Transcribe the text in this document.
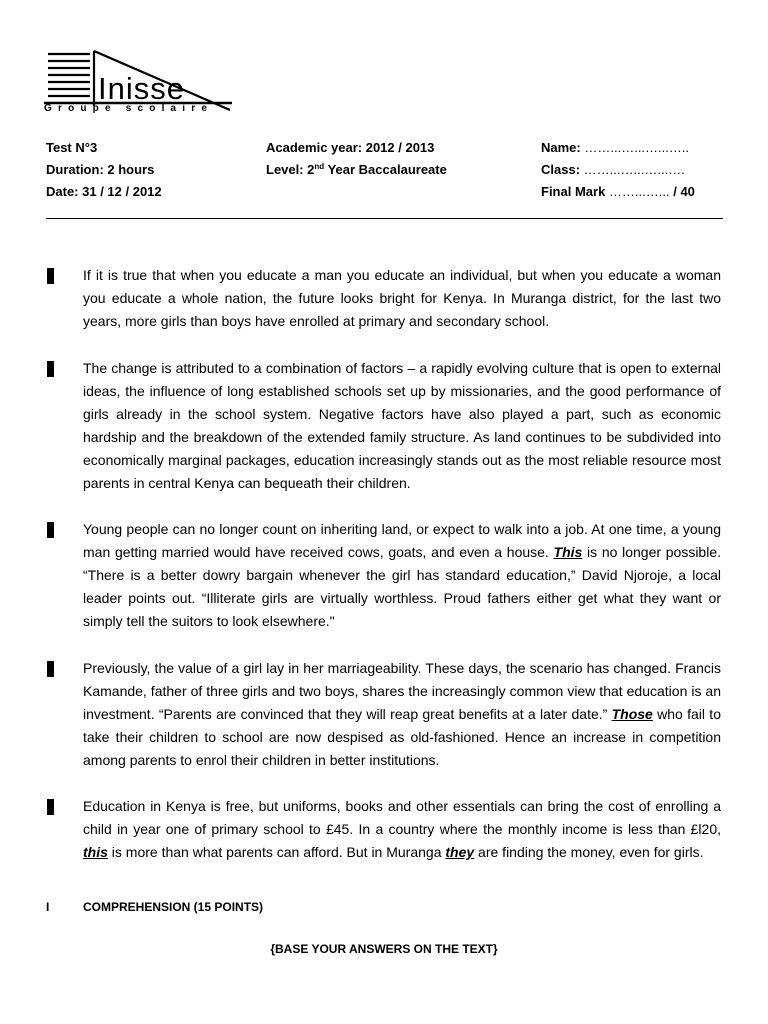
Inisse
Groupe scolaire
Test N°3
Duration: 2 hours
Date: 31 / 12 / 2012
Academic year: 2012 / 2013
Level: 2nd Year Baccalaureate
Name: ……...…...…...…..
Class: ……...…...…...….
Final Mark ……...…... / 40
If it is true that when you educate a man you educate an individual, but when you educate a woman you educate a whole nation, the future looks bright for Kenya. In Muranga district, for the last two years, more girls than boys have enrolled at primary and secondary school.
The change is attributed to a combination of factors – a rapidly evolving culture that is open to external ideas, the influence of long established schools set up by missionaries, and the good performance of girls already in the school system. Negative factors have also played a part, such as economic hardship and the breakdown of the extended family structure. As land continues to be subdivided into economically marginal packages, education increasingly stands out as the most reliable resource most parents in central Kenya can bequeath their children.
Young people can no longer count on inheriting land, or expect to walk into a job. At one time, a young man getting married would have received cows, goats, and even a house. This is no longer possible. “There is a better dowry bargain whenever the girl has standard education,” David Njoroje, a local leader points out. “Illiterate girls are virtually worthless. Proud fathers either get what they want or simply tell the suitors to look elsewhere."
Previously, the value of a girl lay in her marriageability. These days, the scenario has changed. Francis Kamande, father of three girls and two boys, shares the increasingly common view that education is an investment. “Parents are convinced that they will reap great benefits at a later date.” Those who fail to take their children to school are now despised as old-fashioned. Hence an increase in competition among parents to enrol their children in better institutions.
Education in Kenya is free, but uniforms, books and other essentials can bring the cost of enrolling a child in year one of primary school to £45. In a country where the monthly income is less than £l20, this is more than what parents can afford. But in Muranga they are finding the money, even for girls.
I	COMPREHENSION (15 POINTS)
{BASE YOUR ANSWERS ON THE TEXT}
